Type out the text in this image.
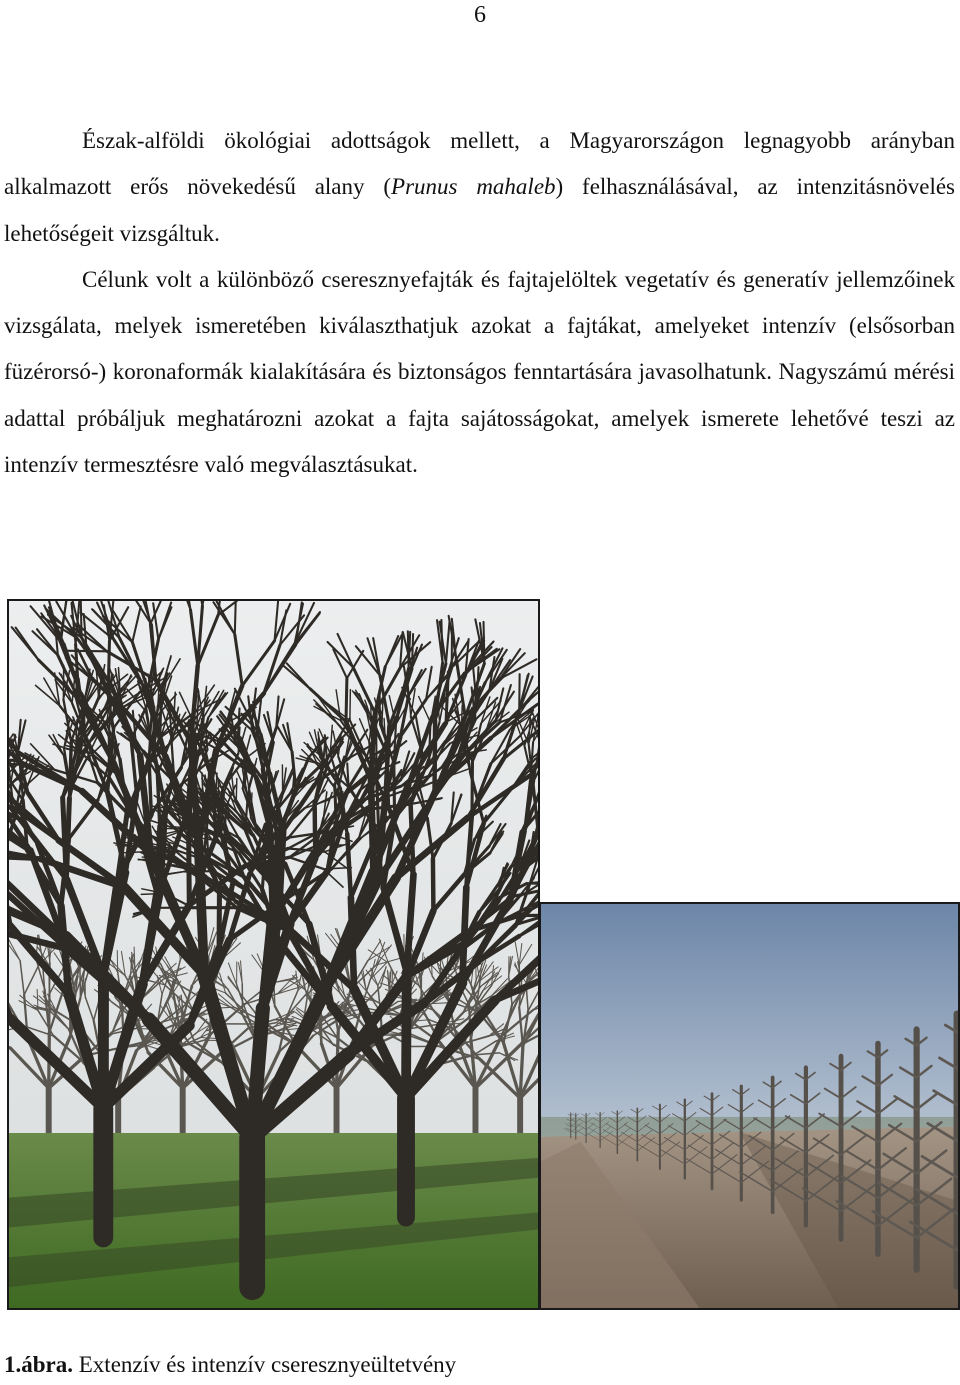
6

Észak-alföldi ökológiai adottságok mellett, a Magyarországon legnagyobb arányban alkalmazott erős növekedésű alany (Prunus mahaleb) felhasználásával, az intenzitásnövelés lehetőségeit vizsgáltuk.

Célunk volt a különböző cseresznyefajták és fajtajelöltek vegetatív és generatív jellemzőinek vizsgálata, melyek ismeretében kiválaszthatjuk azokat a fajtákat, amelyeket intenzív (elsősorban füzérorsó-) koronaformák kialakítására és biztonságos fenntartására javasolhatunk. Nagyszámú mérési adattal próbáljuk meghatározni azokat a fajta sajátosságokat, amelyek ismerete lehetővé teszi az intenzív termesztésre való megválasztásukat.

1.ábra. Extenzív és intenzív cseresznyeültetvény
